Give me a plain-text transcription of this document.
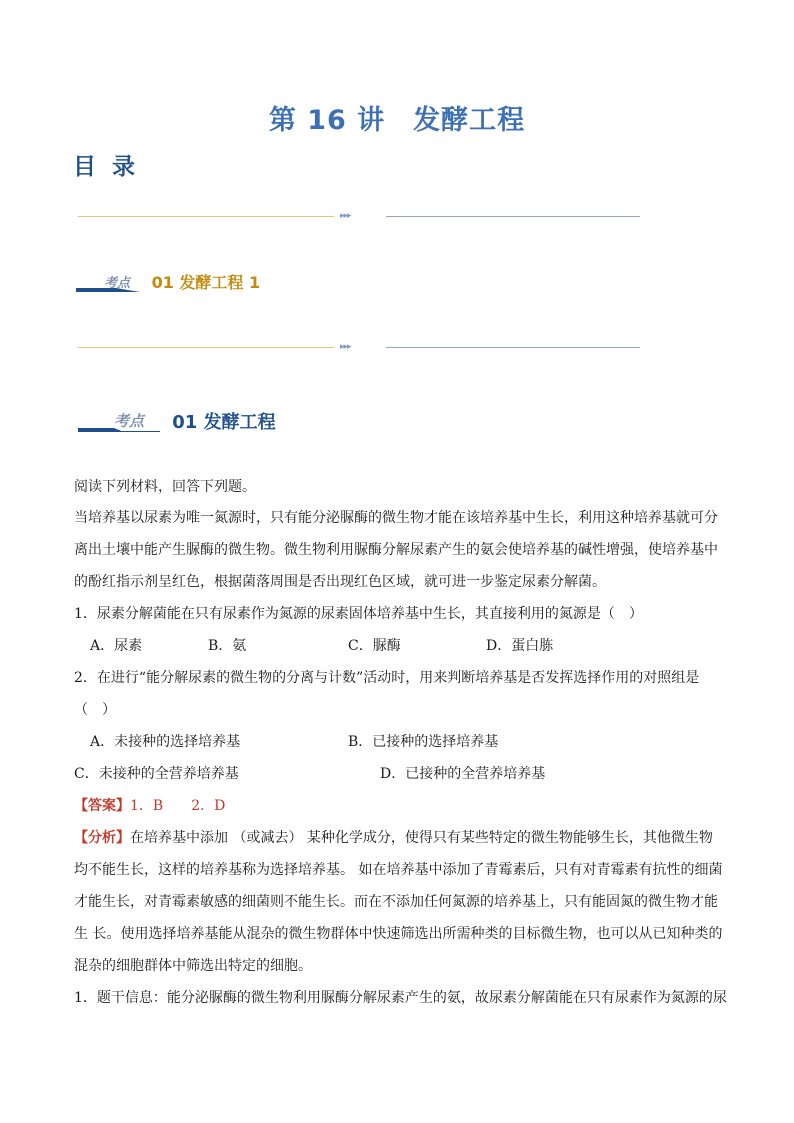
第 16 讲　发酵工程
目 录
▸▸▸
考点 01 发酵工程 1
▸▸▸
考点 01 发酵工程
阅读下列材料，回答下列题。
当培养基以尿素为唯一氮源时，只有能分泌脲酶的微生物才能在该培养基中生长，利用这种培养基就可分
离出土壤中能产生脲酶的微生物。微生物利用脲酶分解尿素产生的氨会使培养基的碱性增强，使培养基中
的酚红指示剂呈红色，根据菌落周围是否出现红色区域，就可进一步鉴定尿素分解菌。
1．尿素分解菌能在只有尿素作为氮源的尿素固体培养基中生长，其直接利用的氮源是（　）
A．尿素	B．氨	C．脲酶	D．蛋白胨
2．在进行“能分解尿素的微生物的分离与计数”活动时，用来判断培养基是否发挥选择作用的对照组是
（　）
A．未接种的选择培养基	B．已接种的选择培养基
C．未接种的全营养培养基	D．已接种的全营养培养基
【答案】1．B　　2．D
【分析】在培养基中添加 （或减去） 某种化学成分，使得只有某些特定的微生物能够生长，其他微生物
均不能生长，这样的培养基称为选择培养基。 如在培养基中添加了青霉素后，只有对青霉素有抗性的细菌
才能生长，对青霉素敏感的细菌则不能生长。而在不添加任何氮源的培养基上，只有能固氮的微生物才能
生 长。使用选择培养基能从混杂的微生物群体中快速筛选出所需种类的目标微生物，也可以从已知种类的
混杂的细胞群体中筛选出特定的细胞。
1．题干信息：能分泌脲酶的微生物利用脲酶分解尿素产生的氨，故尿素分解菌能在只有尿素作为氮源的尿
